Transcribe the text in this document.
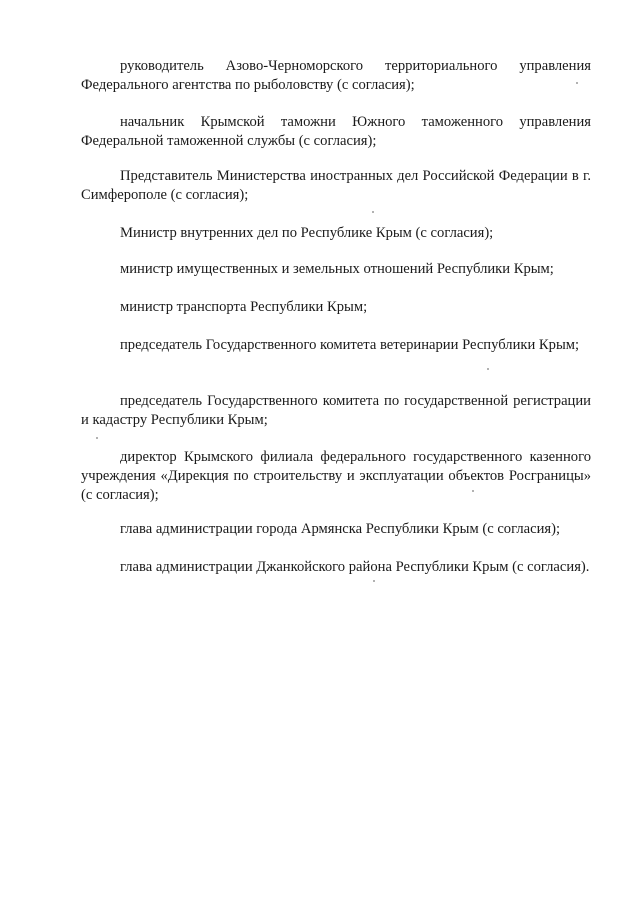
руководитель Азово-Черноморского территориального управления Федерального агентства по рыболовству (с согласия);

начальник Крымской таможни Южного таможенного управления Федеральной таможенной службы (с согласия);

Представитель Министерства иностранных дел Российской Федерации в г. Симферополе (с согласия);

Министр внутренних дел по Республике Крым (с согласия);

министр имущественных и земельных отношений Республики Крым;

министр транспорта Республики Крым;

председатель Государственного комитета ветеринарии Республики Крым;

председатель Государственного комитета по государственной регистрации и кадастру Республики Крым;

директор Крымского филиала федерального государственного казенного учреждения «Дирекция по строительству и эксплуатации объектов Росграницы» (с согласия);

глава администрации города Армянска Республики Крым (с согласия);

глава администрации Джанкойского района Республики Крым (с согласия).
